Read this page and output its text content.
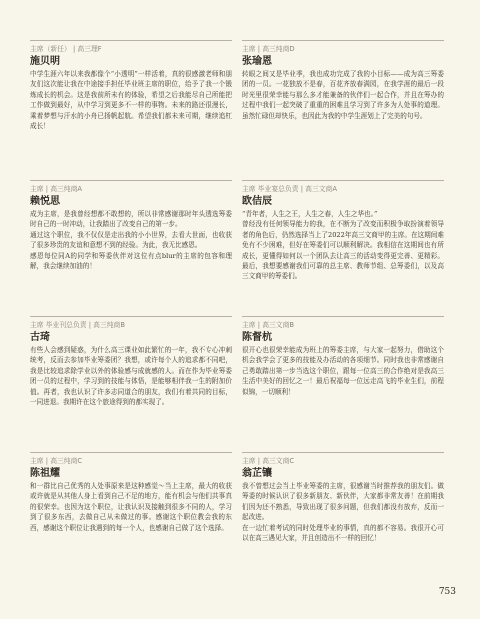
主席（新任） | 高三理F
施贝明
中学生涯六年以来我都像个“小透明”一样活着，真的很感激老师和朋友们这次能让我在中途接手担任毕业班主席的职位，给予了我一个锻炼成长的机会。这是我前所未有的体验，希望之后我能尽自己所能把工作做到最好，从中学习到更多不一样的事物。未来的路还很漫长，乘着梦想与汗水的小舟已扬帆起航。希望我们都未来可期，继续追杠成长！
主席 | 高三纯商A
赖悦思
成为主席，是我曾经想都不敢想的，所以非常感谢那时年头透选筹委时自己的一时冲动，让我踏出了改变自己的第一步。
通过这个职位，我不仅仅是走出我的小小世界，去看大世面，也收获了很多珍贵的友谊和意想不到的经验。为此，我无比感恩。
感恩每位同A的同学和筹委伙伴对这位有点blur的主席的包容和理解，我会继续加油的！
主席 毕业刊总负责 | 高三纯商B
古琦
有些人会感到疑惑，为什么高三课业如此繁忙的一年，我不专心冲刺统考，反而去参加毕业筹委团？我想，或许每个人的追求都不同吧，我是比较追求除学业以外的体验感与成就感的人。而在作为毕业筹委团一员的过程中，学习到的技能与体悟，是能够相伴我一生的附加价值。再者，我也认识了许多志同道合的朋友，我们有着共同的目标，一同进退。我期许在这个旅途得到的都实现了。
主席 | 高三纯商C
陈祖耀
和一群比自己优秀的人处事原来是这种感觉～当上主席，最大的收获或许就是从其他人身上看到自己不足的地方，能有机会与他们共事真的很荣幸。也因为这个职位，让我认识及接触到很多不同的人，学习到了很多东西，去做自己从未做过的事。感谢这个职位教会我的东西，感谢这个职位让我遇到的每一个人，也感谢自己做了这个选择。
主席 | 高三纯商D
张瑜恩
转眼之间又是毕业季，我也成功完成了我的小目标——成为高三筹委团的一员。一花独放不是春，百花齐放春满园，在我学涯的最后一段时光里很荣幸能与那么多才能兼备的伙伴们一起合作，并且在筹办的过程中我们一起突破了重重的困难且学习到了许多为人处事的道理。虽然忙碌但却快乐，也因此为我的中学生涯划上了完美的句号。
主席 毕业宴总负责 | 高三文商A
欧佶辰
“青年者，人生之王，人生之春，人生之华也。”
曾经没有任何领导能力的我，在不断为了改变而积极争取扮演着领导者的角色后，仍然选择当上了2022年高三文商甲的主席。在这期间难免有不少困难，但好在筹委们可以顺利解决。我相信在这期间也有所成长，更懂得如何以一个团队去让高三的活动变得更完善、更精彩。最后，我想要感谢我们可靠的总主席、教师节组、总筹委们，以及高三文商甲的筹委们。
主席 | 高三文商B
陈督杭
很开心也很荣幸能成为班上的筹委主席，与大家一起努力，借助这个机会我学会了更多的技能及办活动的各项细节。同时我也非常感谢自己勇敢踏出第一步当选这个职位，跟每一位高三的合作绝对是我高三生活中美好的回忆之一！最后祝福每一位远走高飞的毕业生们，前程似锦，一切顺利！
主席 | 高三文商C
翁芷镶
我不曾想过会当上毕业筹委的主席，很感谢当时推荐我的朋友们。做筹委的时候认识了很多新朋友、新伙伴，大家都非常友善！在前期我们因为还不熟悉，导致出现了很多问题，但我们都没有放弃，反而一起改进。
在一边忙着考试的同时处理毕业的事情，真的都不容易。我很开心可以在高三遇见大家，并且创造出不一样的回忆！
753
